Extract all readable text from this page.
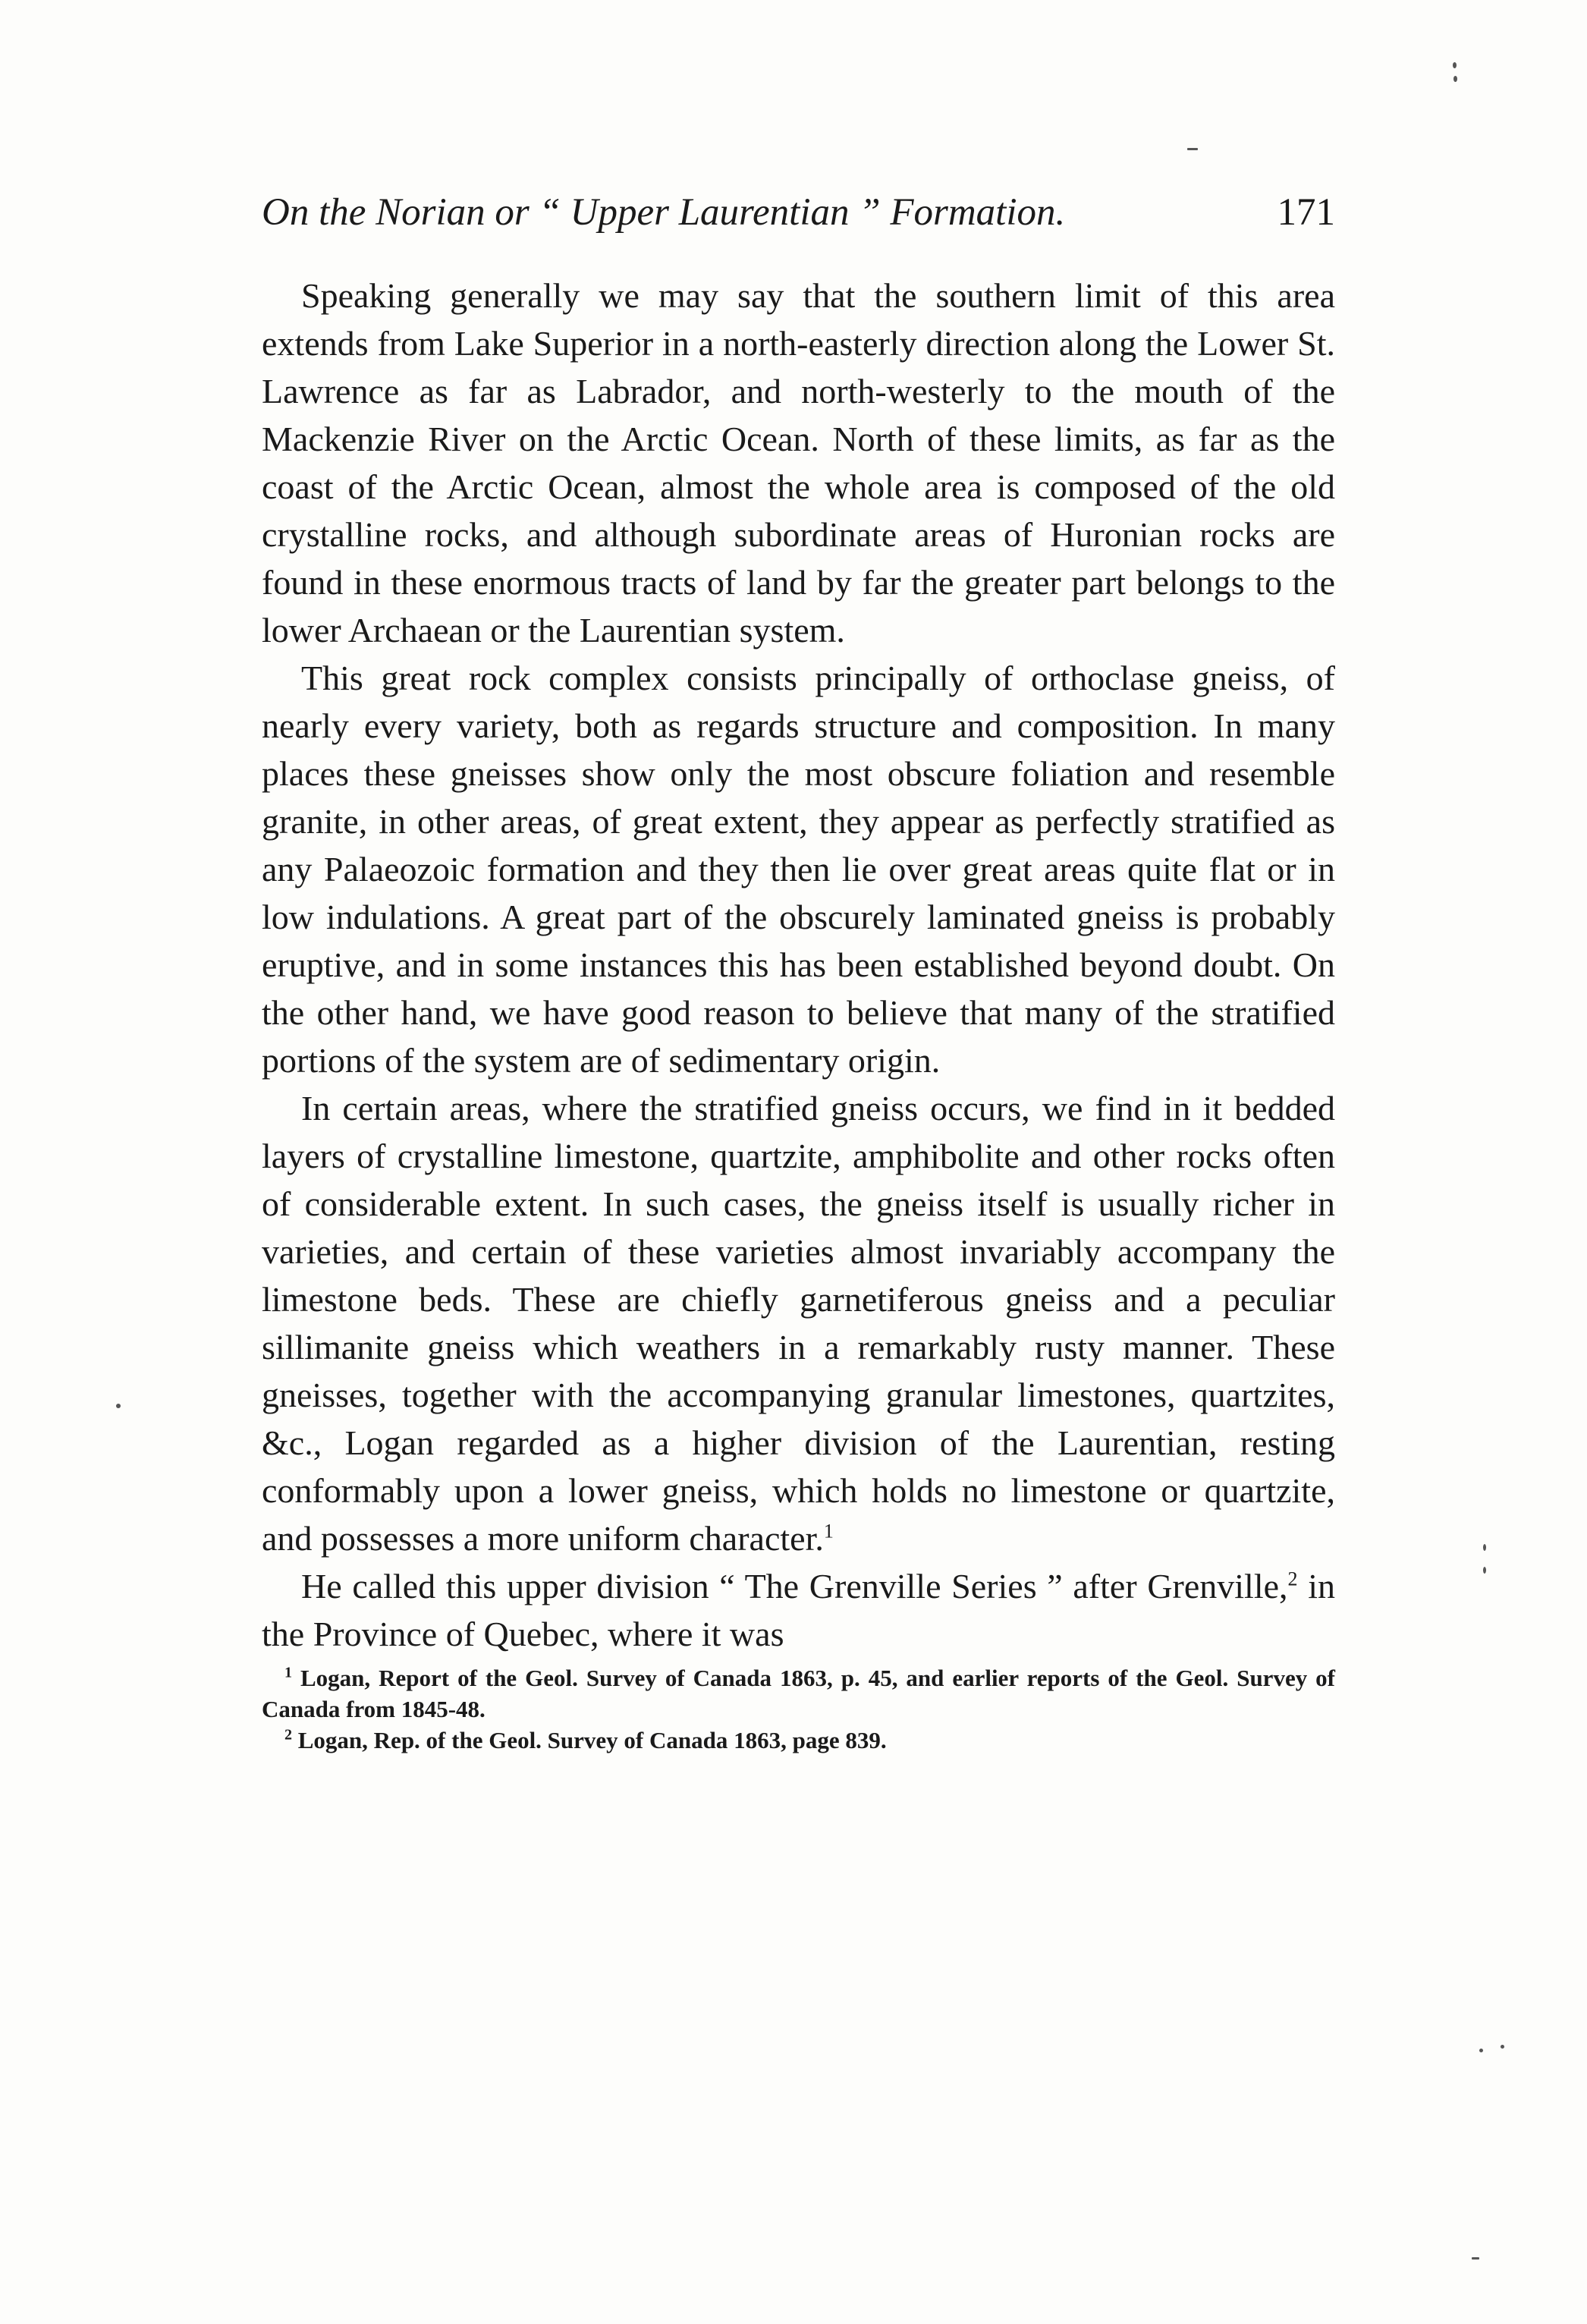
On the Norian or “ Upper Laurentian ” Formation.	171

Speaking generally we may say that the southern limit of this area extends from Lake Superior in a north-easterly direction along the Lower St. Lawrence as far as Labrador, and north-westerly to the mouth of the Mackenzie River on the Arctic Ocean. North of these limits, as far as the coast of the Arctic Ocean, almost the whole area is composed of the old crystalline rocks, and although subordinate areas of Huronian rocks are found in these enormous tracts of land by far the greater part belongs to the lower Archaean or the Laurentian system.

This great rock complex consists principally of orthoclase gneiss, of nearly every variety, both as regards structure and composition. In many places these gneisses show only the most obscure foliation and resemble granite, in other areas, of great extent, they appear as perfectly stratified as any Palaeozoic formation and they then lie over great areas quite flat or in low indulations. A great part of the obscurely laminated gneiss is probably eruptive, and in some instances this has been established beyond doubt. On the other hand, we have good reason to believe that many of the stratified portions of the system are of sedimentary origin.

In certain areas, where the stratified gneiss occurs, we find in it bedded layers of crystalline limestone, quartzite, amphibolite and other rocks often of considerable extent. In such cases, the gneiss itself is usually richer in varieties, and certain of these varieties almost invariably accompany the limestone beds. These are chiefly garnetiferous gneiss and a peculiar sillimanite gneiss which weathers in a remarkably rusty manner. These gneisses, together with the accompanying granular limestones, quartzites, &c., Logan regarded as a higher division of the Laurentian, resting conformably upon a lower gneiss, which holds no limestone or quartzite, and possesses a more uniform character.$^1$

He called this upper division “ The Grenville Series ” after Grenville,$^2$ in the Province of Quebec, where it was

$^1$ Logan, Report of the Geol. Survey of Canada 1863, p. 45, and earlier reports of the Geol. Survey of Canada from 1845-48.

$^2$ Logan, Rep. of the Geol. Survey of Canada 1863, page 839.
